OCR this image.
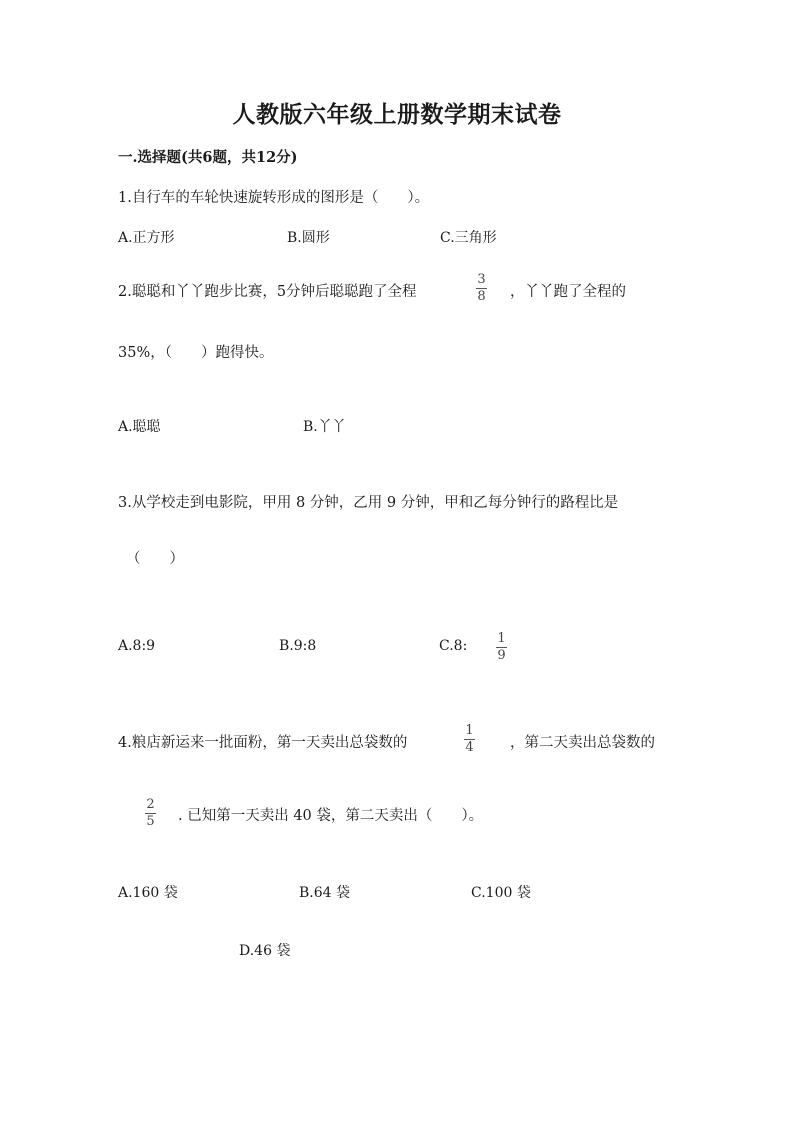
人教版六年级上册数学期末试卷
一.选择题(共6题，共12分)
1.自行车的车轮快速旋转形成的图形是（　　）。
A.正方形	B.圆形	C.三角形
2.聪聪和丫丫跑步比赛，5分钟后聪聪跑了全程
3
8 ，丫丫跑了全程的
35%，（　　）跑得快。
A.聪聪	B.丫丫
3.从学校走到电影院，甲用 8 分钟，乙用 9 分钟，甲和乙每分钟行的路程比是
（　　）
A.8:9	B.9:8	C.8: 1
9
4.粮店新运来一批面粉，第一天卖出总袋数的
1
4	，第二天卖出总袋数的
2
5 . 已知第一天卖出 40 袋，第二天卖出（　　）。
A.160 袋	B.64 袋	C.100 袋
D.46 袋
